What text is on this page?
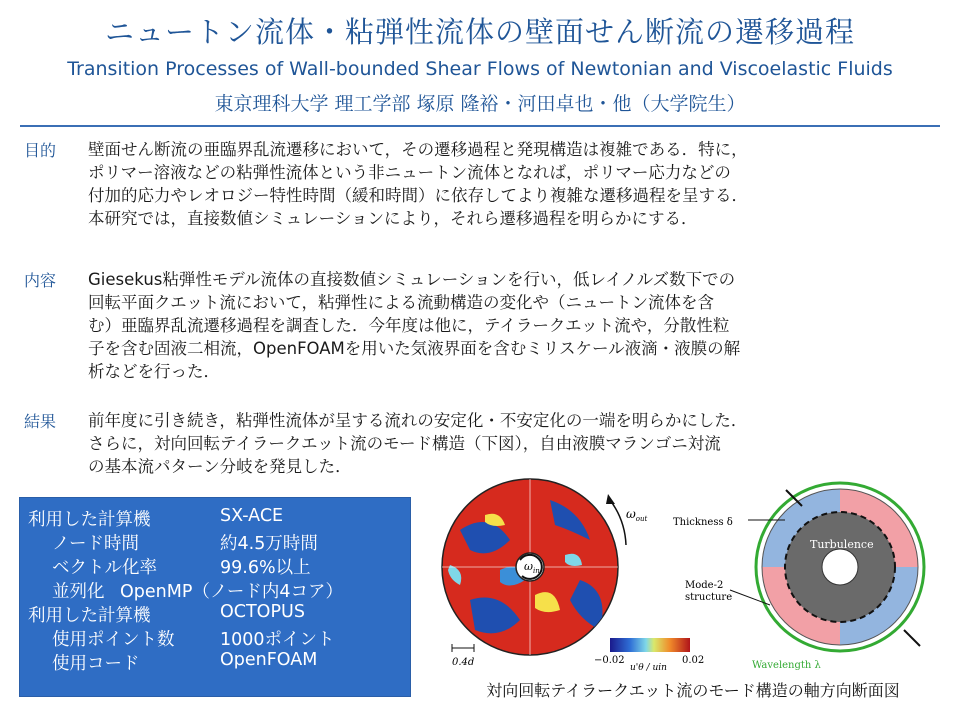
ニュートン流体・粘弾性流体の壁面せん断流の遷移過程
Transition Processes of Wall-bounded Shear Flows of Newtonian and Viscoelastic Fluids
東京理科大学 理工学部 塚原 隆裕・河田卓也・他（大学院生）
目的	壁面せん断流の亜臨界乱流遷移において，その遷移過程と発現構造は複雑である．特に，
ポリマー溶液などの粘弾性流体という非ニュートン流体となれば，ポリマー応力などの
付加的応力やレオロジー特性時間（緩和時間）に依存してより複雑な遷移過程を呈する．
本研究では，直接数値シミュレーションにより，それら遷移過程を明らかにする．
内容	Giesekus粘弾性モデル流体の直接数値シミュレーションを行い，低レイノルズ数下での
回転平面クエット流において，粘弾性による流動構造の変化や（ニュートン流体を含
む）亜臨界乱流遷移過程を調査した．今年度は他に，テイラークエット流や，分散性粒
子を含む固液二相流，OpenFOAMを用いた気液界面を含むミリスケール液滴・液膜の解
析などを行った．
結果	前年度に引き続き，粘弾性流体が呈する流れの安定化・不安定化の一端を明らかにした．
さらに，対向回転テイラークエット流のモード構造（下図），自由液膜マランゴニ対流
の基本流パターン分岐を発見した．
利用した計算機	SX-ACE
ノード時間	約4.5万時間
ベクトル化率	99.6%以上
並列化 OpenMP（ノード内4コア）
利用した計算機	OCTOPUS
使用ポイント数	1000ポイント
使用コード	OpenFOAM
$\omega_{in}$
$\omega_{out}$
0.4d	−0.02	0.02
u'θ / uin
Turbulence
Thickness δ
Mode-2
structure
Wavelength λ
対向回転テイラークエット流のモード構造の軸方向断面図
